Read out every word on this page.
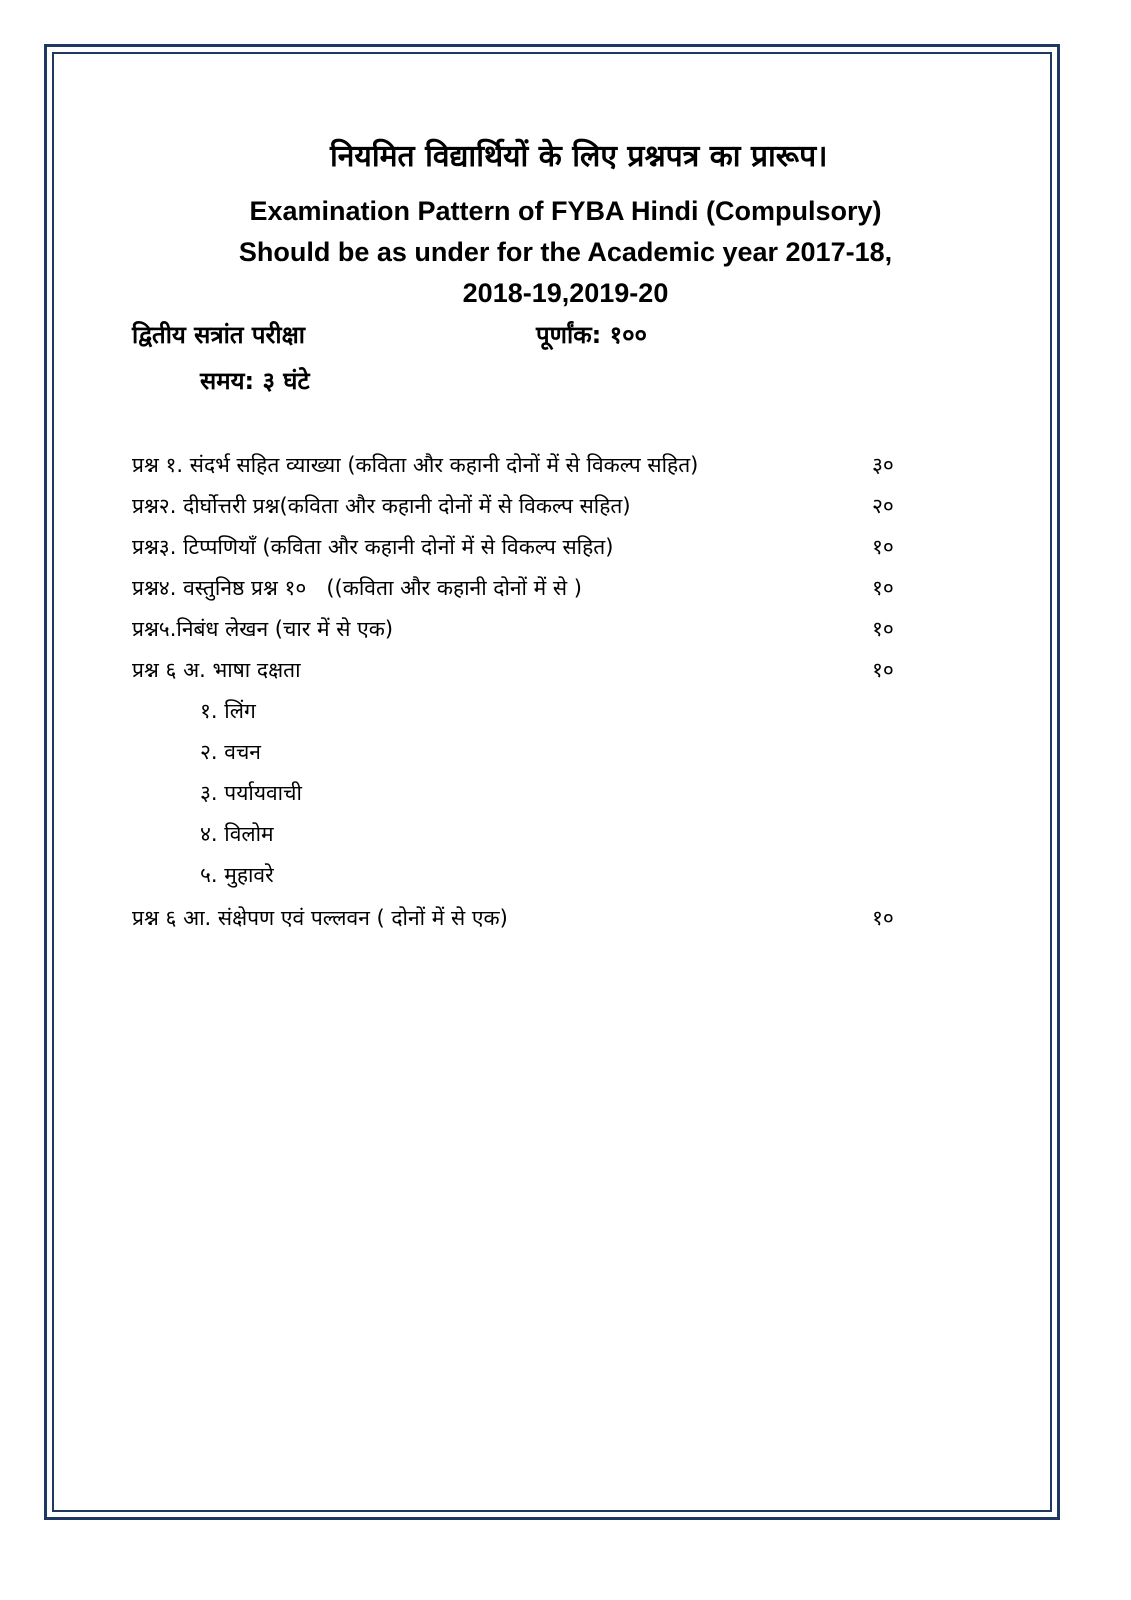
नियमित विद्यार्थियों के लिए प्रश्नपत्र का प्रारूप।
Examination Pattern of FYBA Hindi (Compulsory)
Should be as under for the Academic year 2017-18,
2018-19,2019-20
द्वितीय सत्रांत परीक्षा	पूर्णांक: १००
समय: ३ घंटे
प्रश्न १. संदर्भ सहित व्याख्या (कविता और कहानी दोनों में से विकल्प सहित)	३०
प्रश्न२. दीर्घोत्तरी प्रश्न(कविता और कहानी दोनों में से विकल्प सहित)	२०
प्रश्न३. टिप्पणियाँ (कविता और कहानी दोनों में से विकल्प सहित)	१०
प्रश्न४. वस्तुनिष्ठ प्रश्न १०   ((कविता और कहानी दोनों में से )	१०
प्रश्न५.निबंध लेखन (चार में से एक)	१०
प्रश्न ६ अ. भाषा दक्षता	१०
१. लिंग
२. वचन
३. पर्यायवाची
४. विलोम
५. मुहावरे
प्रश्न ६ आ. संक्षेपण एवं पल्लवन ( दोनों में से एक)	१०
